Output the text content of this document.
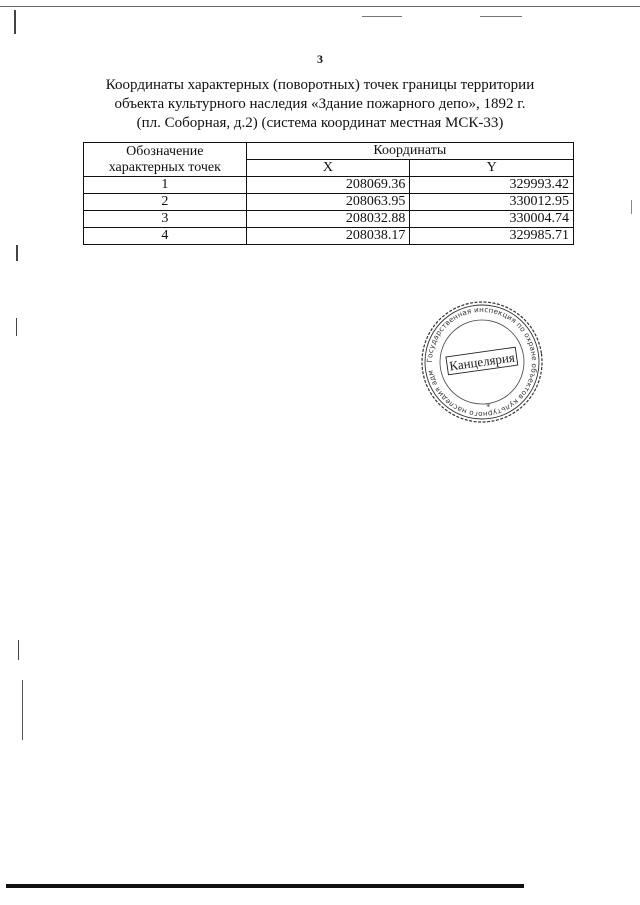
3
Координаты характерных (поворотных) точек границы территории
объекта культурного наследия «Здание пожарного депо», 1892 г.
(пл. Соборная, д.2) (система координат местная МСК-33)
Обозначение
характерных точек	Координаты	
	X	Y
1	208069.36	329993.42
2	208063.95	330012.95
3	208032.88	330004.74
4	208038.17	329985.71
Государственная инспекция по охране объектов культурного наследия администрации
Канцелярия
*
